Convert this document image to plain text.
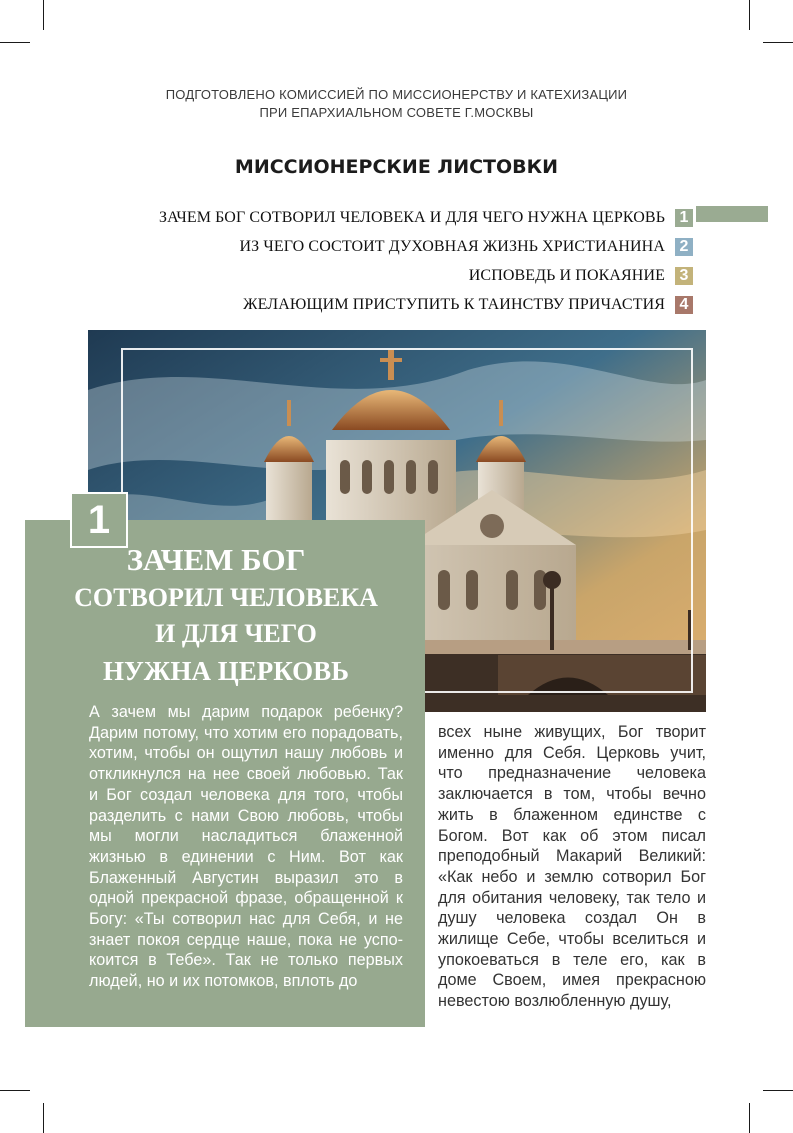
ПОДГОТОВЛЕНО КОМИССИЕЙ ПО МИССИОНЕРСТВУ И КАТЕХИЗАЦИИ
ПРИ ЕПАРХИАЛЬНОМ СОВЕТЕ Г.МОСКВЫ
МИССИОНЕРСКИЕ ЛИСТОВКИ
ЗАЧЕМ БОГ СОТВОРИЛ ЧЕЛОВЕКА И ДЛЯ ЧЕГО НУЖНА ЦЕРКОВЬ 1
ИЗ ЧЕГО СОСТОИТ ДУХОВНАЯ ЖИЗНЬ ХРИСТИАНИНА 2
ИСПОВЕДЬ И ПОКАЯНИЕ 3
ЖЕЛАЮЩИМ ПРИСТУПИТЬ К ТАИНСТВУ ПРИЧАСТИЯ 4
1
ЗАЧЕМ БОГ
СОТВОРИЛ ЧЕЛОВЕКА
И ДЛЯ ЧЕГО
НУЖНА ЦЕРКОВЬ
А зачем мы дарим подарок ребенку? Дарим потому, что хотим его порадовать, хотим, чтобы он ощутил нашу любовь и откликнулся на нее своей любовью. Так и Бог создал человека для того, чтобы разделить с нами Свою любовь, чтобы мы могли насладиться блаженной жизнью в единении с Ним. Вот как Блаженный Августин выразил это в одной прекрасной фразе, обращенной к Богу: «Ты сотворил нас для Себя, и не знает покоя сердце наше, пока не успокоится в Тебе». Так не только первых людей, но и их потомков, вплоть до
всех ныне живущих, Бог творит именно для Себя. Церковь учит, что предназначение человека заключается в том, чтобы вечно жить в блаженном единстве с Богом. Вот как об этом писал преподобный Макарий Великий: «Как небо и землю сотворил Бог для обитания человеку, так тело и душу человека создал Он в жилище Себе, чтобы вселиться и упокоеваться в теле его, как в доме Своем, имея прекрасною невестою возлюбленную душу,
